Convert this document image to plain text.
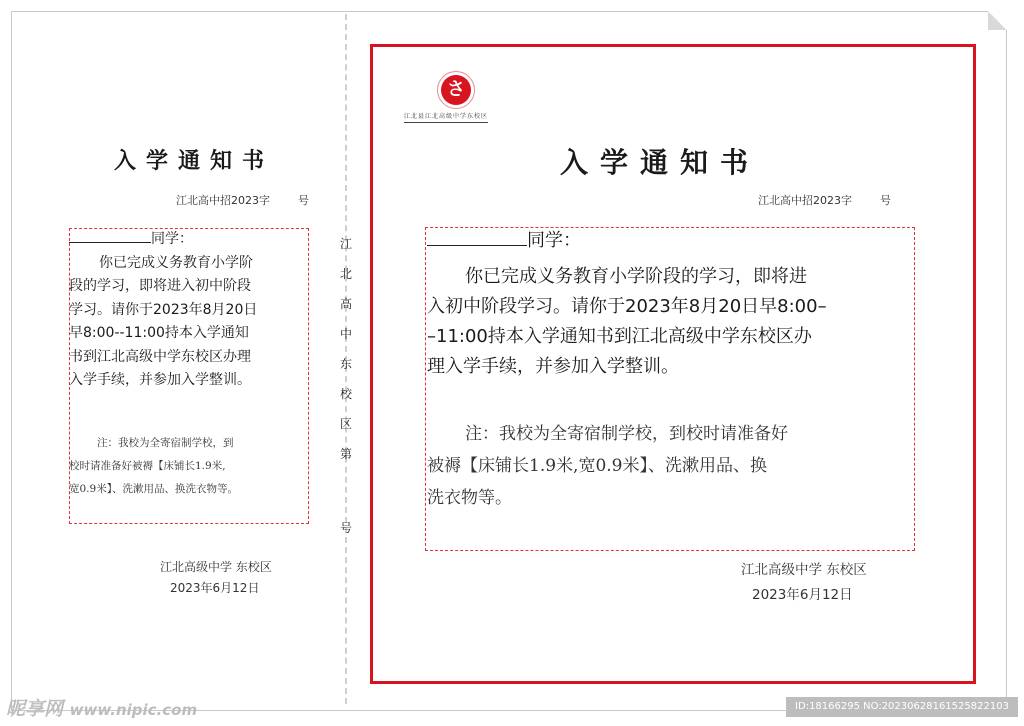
入学通知书
江北高中招2023字        号

同学：

你已完成义务教育小学阶

段的学习，即将进入初中阶段

学习。请你于2023年8月20日

早8:00--11:00持本入学通知

书到江北高级中学东校区办理

入学手续，并参加入学整训。

注：我校为全寄宿制学校，到
校时请准备好被褥【床铺长1.9米,
宽0.9米】、洗漱用品、换洗衣物等。
江北高级中学 东校区
2023年6月12日
江
北
高
中
东
校
区
第
号
さ
江北县江北高级中学东校区
入学通知书
江北高中招2023字        号

同学：

你已完成义务教育小学阶段的学习，即将进

入初中阶段学习。请你于2023年8月20日早8:00–

–11:00持本入学通知书到江北高级中学东校区办

理入学手续，并参加入学整训。

注：我校为全寄宿制学校，到校时请准备好
被褥【床铺长1.9米,宽0.9米】、洗漱用品、换
洗衣物等。
江北高级中学 东校区
2023年6月12日
昵享网 www.nipic.com	ID:18166295 NO:20230628161525822103
